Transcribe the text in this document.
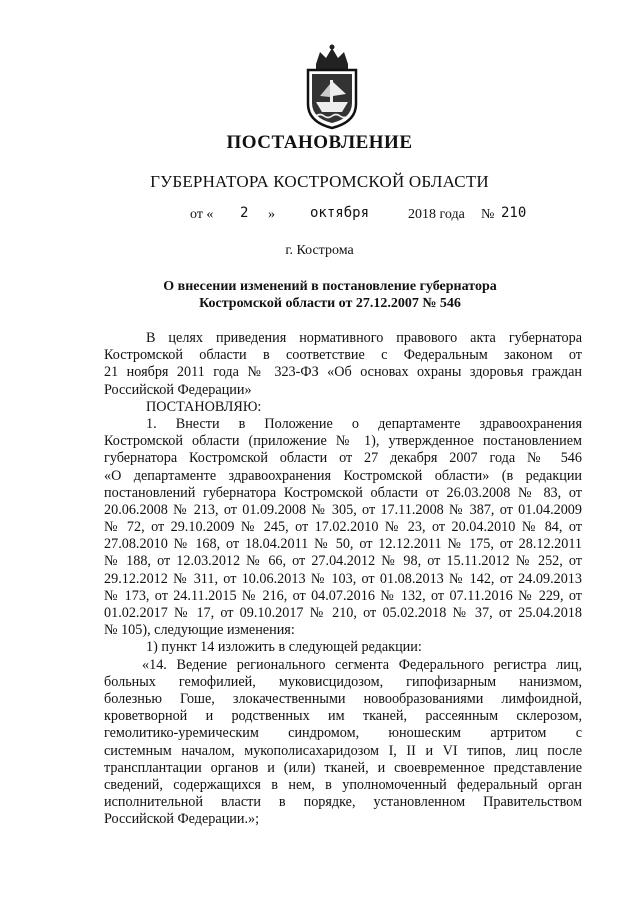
ПОСТАНОВЛЕНИЕ
ГУБЕРНАТОРА КОСТРОМСКОЙ ОБЛАСТИ
от « 2 »	октября	2018 года № 210
г. Кострома
О внесении изменений в постановление губернатора
Костромской области от 27.12.2007 № 546
В целях приведения нормативного правового акта губернатора
Костромской области в соответствие с Федеральным законом от
21 ноября 2011 года № 323-ФЗ «Об основах охраны здоровья граждан
Российской Федерации»
ПОСТАНОВЛЯЮ:
1. Внести в Положение о департаменте здравоохранения
Костромской области (приложение № 1), утвержденное постановлением
губернатора Костромской области от 27 декабря 2007 года № 546
«О департаменте здравоохранения Костромской области» (в редакции
постановлений губернатора Костромской области от 26.03.2008 № 83, от
20.06.2008 № 213, от 01.09.2008 № 305, от 17.11.2008 № 387, от 01.04.2009
№ 72, от 29.10.2009 № 245, от 17.02.2010 № 23, от 20.04.2010 № 84, от
27.08.2010 № 168, от 18.04.2011 № 50, от 12.12.2011 № 175, от 28.12.2011
№ 188, от 12.03.2012 № 66, от 27.04.2012 № 98, от 15.11.2012 № 252, от
29.12.2012 № 311, от 10.06.2013 № 103, от 01.08.2013 № 142, от 24.09.2013
№ 173, от 24.11.2015 № 216, от 04.07.2016 № 132, от 07.11.2016 № 229, от
01.02.2017 № 17, от 09.10.2017 № 210, от 05.02.2018 № 37, от 25.04.2018
№ 105), следующие изменения:
1) пункт 14 изложить в следующей редакции:
«14. Ведение регионального сегмента Федерального регистра лиц,
больных гемофилией, муковисцидозом, гипофизарным нанизмом,
болезнью Гоше, злокачественными новообразованиями лимфоидной,
кроветворной и родственных им тканей, рассеянным склерозом,
гемолитико-уремическим синдромом, юношеским артритом с
системным началом, мукополисахаридозом I, II и VI типов, лиц после
трансплантации органов и (или) тканей, и своевременное представление
сведений, содержащихся в нем, в уполномоченный федеральный орган
исполнительной власти в порядке, установленном Правительством
Российской Федерации.»;
